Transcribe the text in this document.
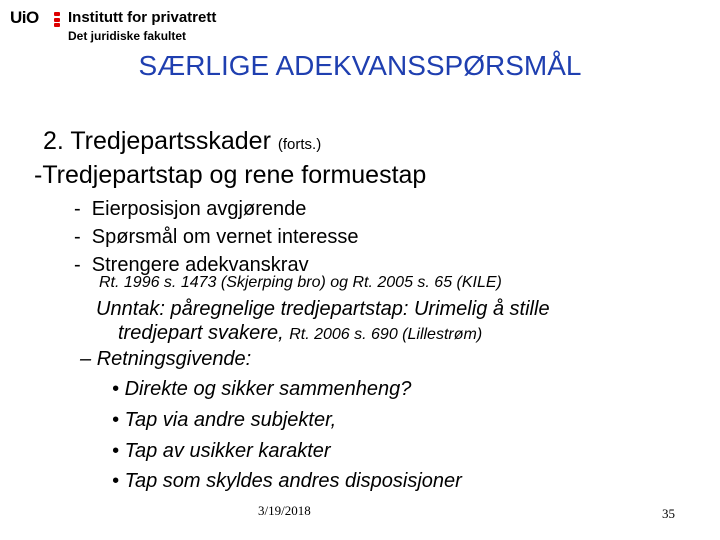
UiO Institutt for privatrett
Det juridiske fakultet
SÆRLIGE ADEKVANSSPØRSMÅL
2. Tredjepartsskader (forts.)
-Tredjepartstap og rene formuestap
-  Eierposisjon avgjørende
-  Spørsmål om vernet interesse
-  Strengere adekvanskrav
Rt. 1996 s. 1473 (Skjerping bro) og Rt. 2005 s. 65 (KILE)
Unntak: påregnelige tredjepartstap: Urimelig å stille
tredjepart svakere, Rt. 2006 s. 690 (Lillestrøm)
– Retningsgivende:
• Direkte og sikker sammenheng?
• Tap via andre subjekter,
• Tap av usikker karakter
• Tap som skyldes andres disposisjoner
3/19/2018	35
